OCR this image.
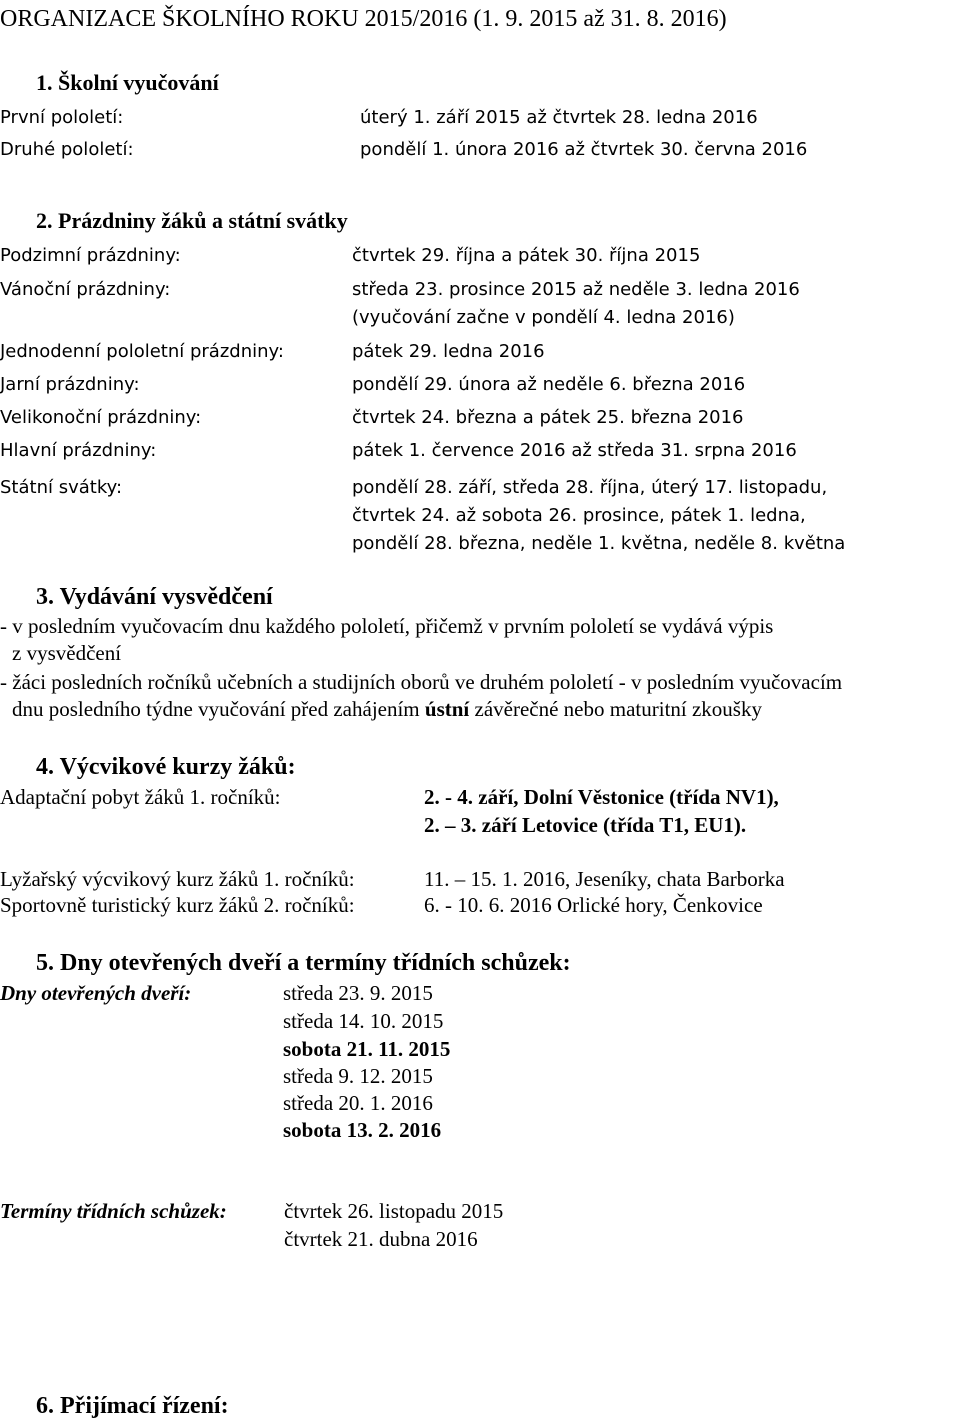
ORGANIZACE ŠKOLNÍHO ROKU 2015/2016 (1. 9. 2015 až 31. 8. 2016)
1. Školní vyučování
První pololetí:	úterý 1. září 2015 až čtvrtek 28. ledna 2016
Druhé pololetí:	pondělí 1. února 2016 až čtvrtek 30. června 2016
2. Prázdniny žáků a státní svátky
Podzimní prázdniny:	čtvrtek 29. října a pátek 30. října 2015
Vánoční prázdniny:	středa 23. prosince 2015 až neděle 3. ledna 2016
(vyučování začne v pondělí 4. ledna 2016)
Jednodenní pololetní prázdniny:	pátek 29. ledna 2016
Jarní prázdniny:	pondělí 29. února až neděle 6. března 2016
Velikonoční prázdniny:	čtvrtek 24. března a pátek 25. března 2016
Hlavní prázdniny:	pátek 1. července 2016 až středa 31. srpna 2016
Státní svátky:	pondělí 28. září, středa 28. října, úterý 17. listopadu,
čtvrtek 24. až sobota 26. prosince, pátek 1. ledna,
pondělí 28. března, neděle 1. května, neděle 8. května
3. Vydávání vysvědčení
- v posledním vyučovacím dnu každého pololetí, přičemž v prvním pololetí se vydává výpis
z vysvědčení
- žáci posledních ročníků učebních a studijních oborů ve druhém pololetí - v posledním vyučovacím
dnu posledního týdne vyučování před zahájením ústní závěrečné nebo maturitní zkoušky
4. Výcvikové kurzy žáků:
Adaptační pobyt žáků 1. ročníků:	2. - 4. září, Dolní Věstonice (třída NV1),
2. – 3. září Letovice (třída T1, EU1).
Lyžařský výcvikový kurz žáků 1. ročníků:	11. – 15. 1. 2016, Jeseníky, chata Barborka
Sportovně turistický kurz žáků 2. ročníků:	6. - 10. 6. 2016 Orlické hory, Čenkovice
5. Dny otevřených dveří a termíny třídních schůzek:
Dny otevřených dveří:	středa 23. 9. 2015
středa 14. 10. 2015
sobota 21. 11. 2015
středa 9. 12. 2015
středa 20. 1. 2016
sobota 13. 2. 2016
Termíny třídních schůzek:	čtvrtek 26. listopadu 2015
čtvrtek 21. dubna 2016
6. Přijímací řízení:
